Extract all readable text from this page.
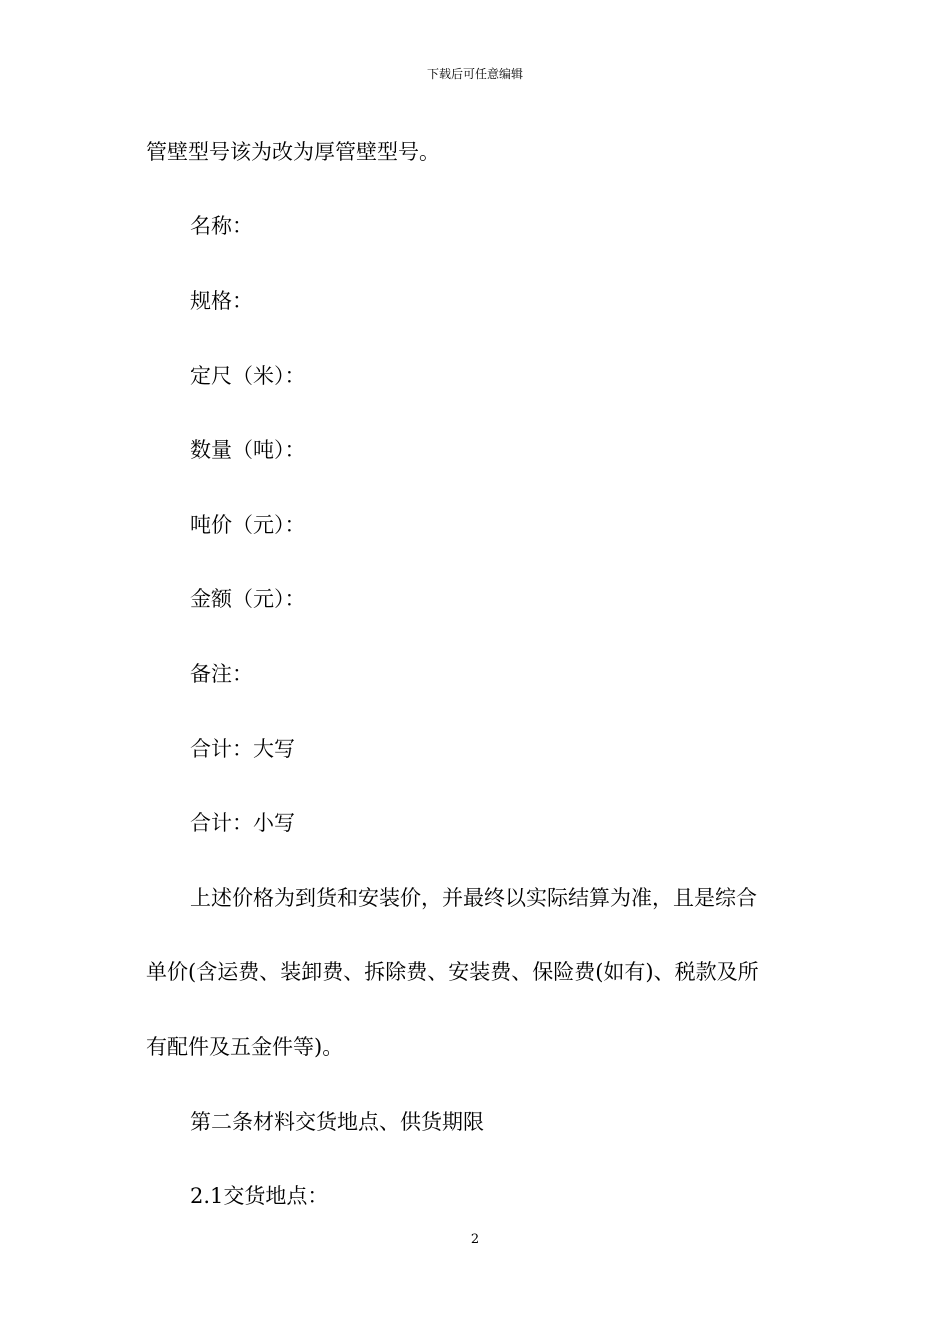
下载后可任意编辑
管壁型号该为改为厚管壁型号。
名称：
规格：
定尺（米）：
数量（吨）：
吨价（元）：
金额（元）：
备注：
合计：大写
合计：小写
上述价格为到货和安装价，并最终以实际结算为准，且是综合
单价(含运费、装卸费、拆除费、安装费、保险费(如有)、税款及所
有配件及五金件等)。
第二条材料交货地点、供货期限
2.1交货地点：
2
